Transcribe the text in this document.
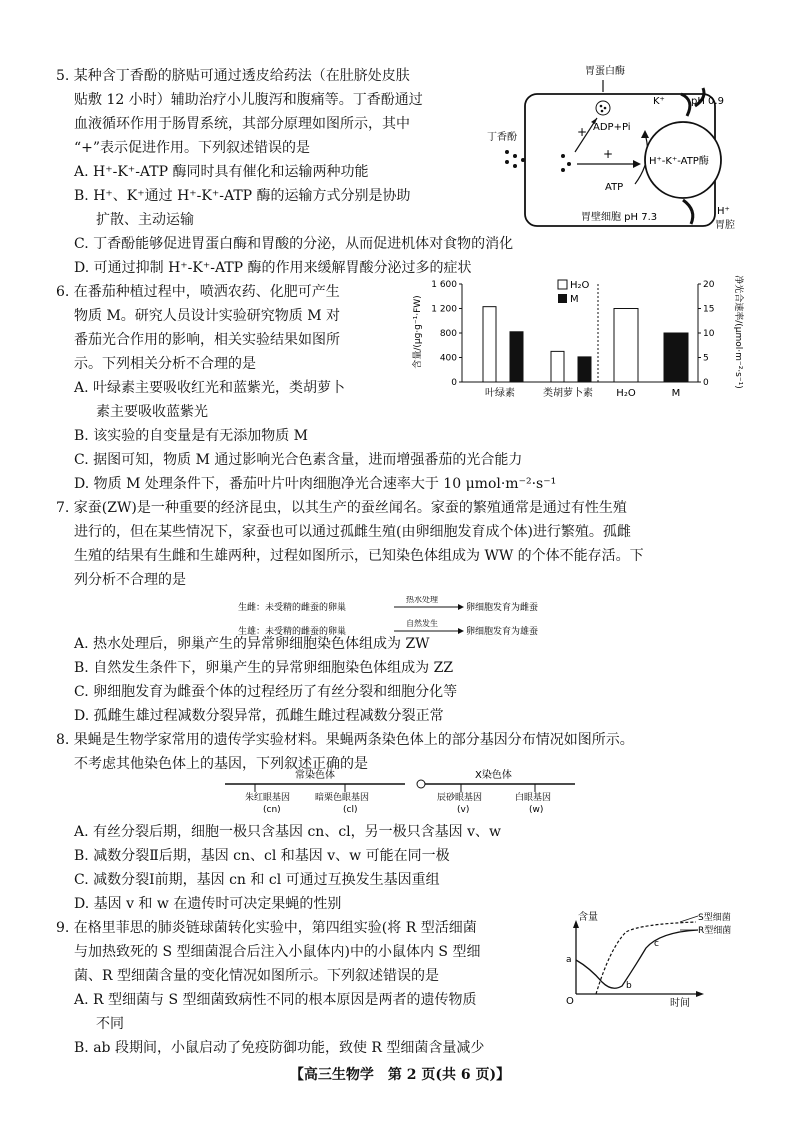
5. 某种含丁香酚的脐贴可通过透皮给药法（在肚脐处皮肤
贴敷 12 小时）辅助治疗小儿腹泻和腹痛等。丁香酚通过
血液循环作用于肠胃系统，其部分原理如图所示，其中
“+”表示促进作用。下列叙述错误的是
A. H⁺-K⁺-ATP 酶同时具有催化和运输两种功能
B. H⁺、K⁺通过 H⁺-K⁺-ATP 酶的运输方式分别是协助
扩散、主动运输
C. 丁香酚能够促进胃蛋白酶和胃酸的分泌，从而促进机体对食物的消化
D. 可通过抑制 H⁺-K⁺-ATP 酶的作用来缓解胃酸分泌过多的症状
胃蛋白酶
丁香酚	+
+
ADP+Pi
ATP
H⁺-K⁺-ATP酶
K⁺	pH 0.9
胃壁细胞 pH 7.3
H⁺
胃腔
6. 在番茄种植过程中，喷洒农药、化肥可产生
物质 M。研究人员设计实验研究物质 M 对
番茄光合作用的影响，相关实验结果如图所
示。下列相关分析不合理的是
A. 叶绿素主要吸收红光和蓝紫光，类胡萝卜
素主要吸收蓝紫光
B. 该实验的自变量是有无添加物质 M
C. 据图可知，物质 M 通过影响光合色素含量，进而增强番茄的光合能力
D. 物质 M 处理条件下，番茄叶片叶肉细胞净光合速率大于 10 μmol·m⁻²·s⁻¹
含量/(μg·g⁻¹·FW)	净光合速率/(μmol·m⁻²·s⁻¹)
H₂O
M
0
400
800
1 200
1 600
0
5
10
15
20
叶绿素	类胡萝卜素 H₂O	M
7. 家蚕(ZW)是一种重要的经济昆虫，以其生产的蚕丝闻名。家蚕的繁殖通常是通过有性生殖
进行的，但在某些情况下，家蚕也可以通过孤雌生殖(由卵细胞发育成个体)进行繁殖。孤雌
生殖的结果有生雌和生雄两种，过程如图所示，已知染色体组成为 WW 的个体不能存活。下
列分析不合理的是
生雌：未受精的雌蚕的卵巢
热水处理
卵细胞发育为雌蚕
生雄：未受精的雌蚕的卵巢
自然发生
卵细胞发育为雄蚕
A. 热水处理后，卵巢产生的异常卵细胞染色体组成为 ZW
B. 自然发生条件下，卵巢产生的异常卵细胞染色体组成为 ZZ
C. 卵细胞发育为雌蚕个体的过程经历了有丝分裂和细胞分化等
D. 孤雌生雄过程减数分裂异常，孤雌生雌过程减数分裂正常
8. 果蝇是生物学家常用的遗传学实验材料。果蝇两条染色体上的部分基因分布情况如图所示。
不考虑其他染色体上的基因，下列叙述正确的是
常染色体	X染色体
朱红眼基因
(cn)
暗栗色眼基因
(cl)
辰砂眼基因
(v)
白眼基因
(w)
A. 有丝分裂后期，细胞一极只含基因 cn、cl，另一极只含基因 v、w
B. 减数分裂Ⅱ后期，基因 cn、cl 和基因 v、w 可能在同一极
C. 减数分裂Ⅰ前期，基因 cn 和 cl 可通过互换发生基因重组
D. 基因 v 和 w 在遗传时可决定果蝇的性别
9. 在格里菲思的肺炎链球菌转化实验中，第四组实验(将 R 型活细菌
与加热致死的 S 型细菌混合后注入小鼠体内)中的小鼠体内 S 型细
菌、R 型细菌含量的变化情况如图所示。下列叙述错误的是
A. R 型细菌与 S 型细菌致病性不同的根本原因是两者的遗传物质
不同
B. ab 段期间，小鼠启动了免疫防御功能，致使 R 型细菌含量减少
含量
O	时间
a
b
c
S型细菌
R型细菌
【高三生物学　第 2 页(共 6 页)】
